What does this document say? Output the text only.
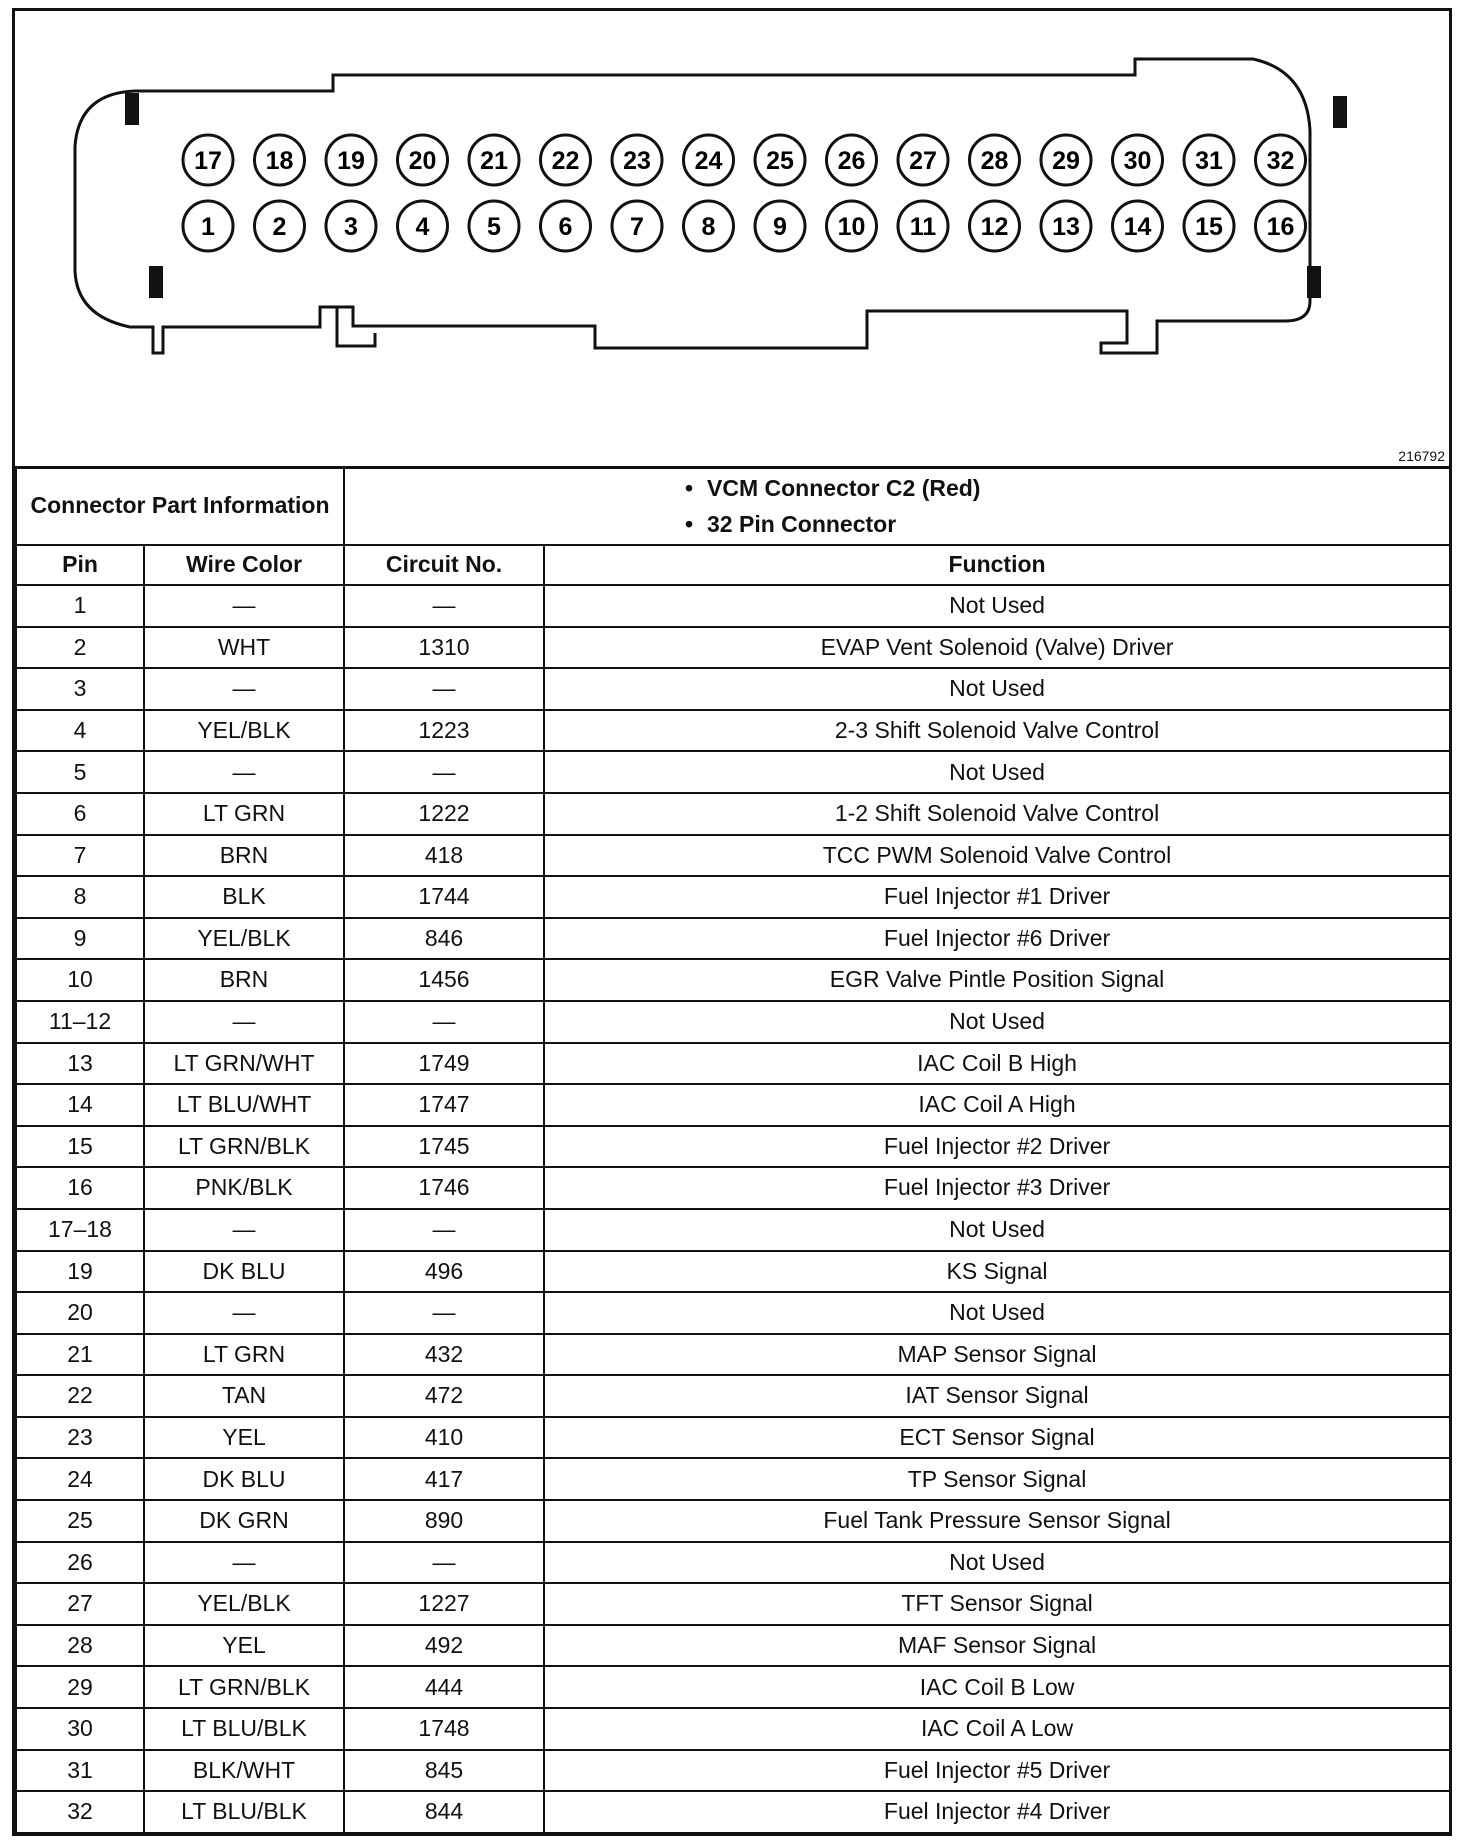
17 18 19 20 21 22 23 24 25 26 27 28 29 30 31 32
1 2 3 4 5 6 7 8 9 10 11 12 13 14 15 16
216792
Connector Part Information		• VCM Connector C2 (Red)
• 32 Pin Connector	

Pin	Wire Color	Circuit No.	Function
1	—	—	Not Used
2	WHT	1310	EVAP Vent Solenoid (Valve) Driver
3	—	—	Not Used
4	YEL/BLK	1223	2-3 Shift Solenoid Valve Control
5	—	—	Not Used
6	LT GRN	1222	1-2 Shift Solenoid Valve Control
7	BRN	418	TCC PWM Solenoid Valve Control
8	BLK	1744	Fuel Injector #1 Driver
9	YEL/BLK	846	Fuel Injector #6 Driver
10	BRN	1456	EGR Valve Pintle Position Signal
11–12	—	—	Not Used
13	LT GRN/WHT	1749	IAC Coil B High
14	LT BLU/WHT	1747	IAC Coil A High
15	LT GRN/BLK	1745	Fuel Injector #2 Driver
16	PNK/BLK	1746	Fuel Injector #3 Driver
17–18	—	—	Not Used
19	DK BLU	496	KS Signal
20	—	—	Not Used
21	LT GRN	432	MAP Sensor Signal
22	TAN	472	IAT Sensor Signal
23	YEL	410	ECT Sensor Signal
24	DK BLU	417	TP Sensor Signal
25	DK GRN	890	Fuel Tank Pressure Sensor Signal
26	—	—	Not Used
27	YEL/BLK	1227	TFT Sensor Signal
28	YEL	492	MAF Sensor Signal
29	LT GRN/BLK	444	IAC Coil B Low
30	LT BLU/BLK	1748	IAC Coil A Low
31	BLK/WHT	845	Fuel Injector #5 Driver
32	LT BLU/BLK	844	Fuel Injector #4 Driver
